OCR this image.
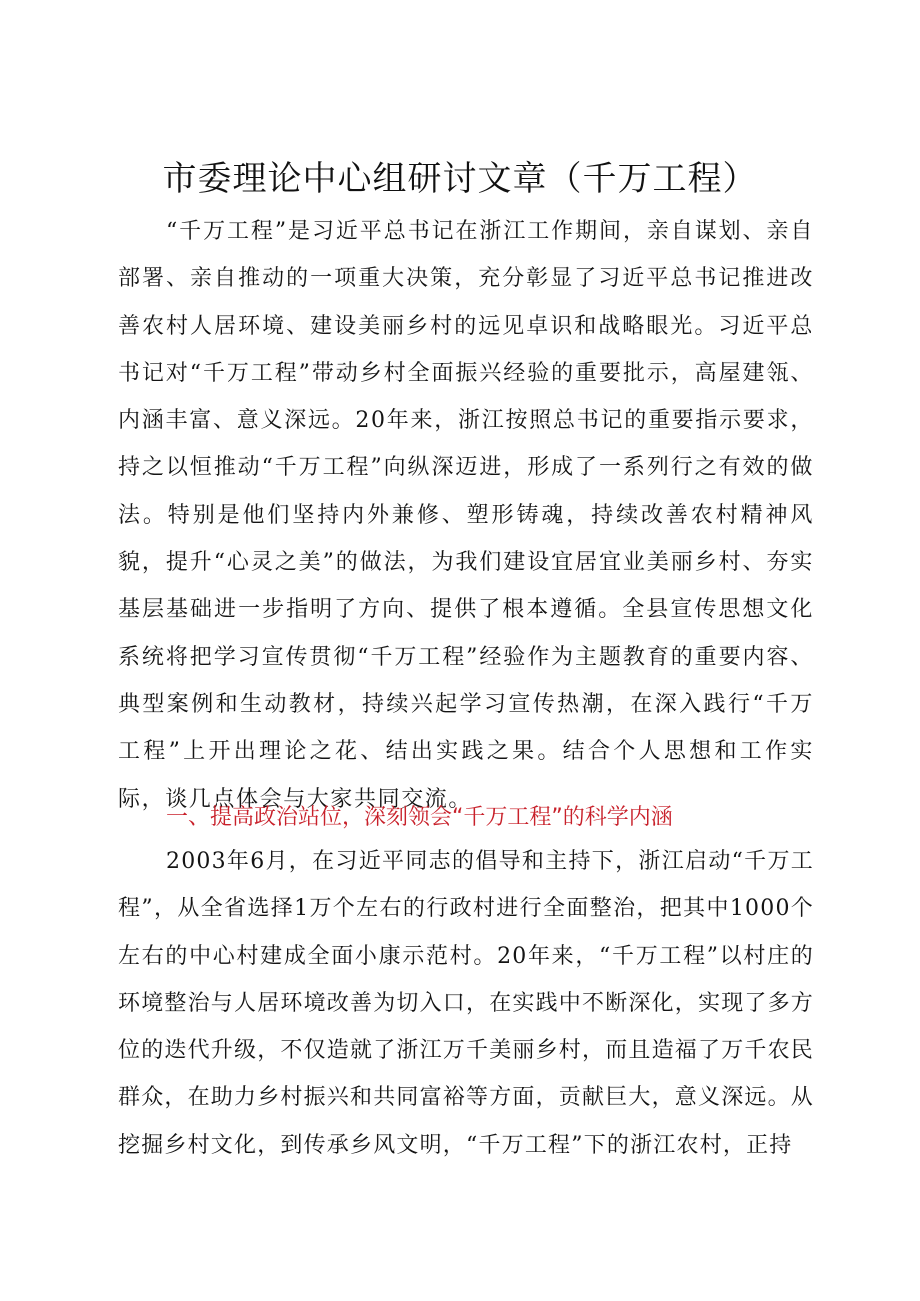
市委理论中心组研讨文章（千万工程）

“千万工程”是习近平总书记在浙江工作期间，亲自谋划、亲自部署、亲自推动的一项重大决策，充分彰显了习近平总书记推进改善农村人居环境、建设美丽乡村的远见卓识和战略眼光。习近平总书记对“千万工程”带动乡村全面振兴经验的重要批示，高屋建瓴、内涵丰富、意义深远。20年来，浙江按照总书记的重要指示要求，持之以恒推动“千万工程”向纵深迈进，形成了一系列行之有效的做法。特别是他们坚持内外兼修、塑形铸魂，持续改善农村精神风貌，提升“心灵之美”的做法，为我们建设宜居宜业美丽乡村、夯实基层基础进一步指明了方向、提供了根本遵循。全县宣传思想文化系统将把学习宣传贯彻“千万工程”经验作为主题教育的重要内容、典型案例和生动教材，持续兴起学习宣传热潮，在深入践行“千万工程”上开出理论之花、结出实践之果。结合个人思想和工作实际，谈几点体会与大家共同交流。

一、提高政治站位，深刻领会“千万工程”的科学内涵

2003年6月，在习近平同志的倡导和主持下，浙江启动“千万工程”，从全省选择1万个左右的行政村进行全面整治，把其中1000个左右的中心村建成全面小康示范村。20年来，“千万工程”以村庄的环境整治与人居环境改善为切入口，在实践中不断深化，实现了多方位的迭代升级，不仅造就了浙江万千美丽乡村，而且造福了万千农民群众，在助力乡村振兴和共同富裕等方面，贡献巨大，意义深远。从挖掘乡村文化，到传承乡风文明，“千万工程”下的浙江农村，正持
